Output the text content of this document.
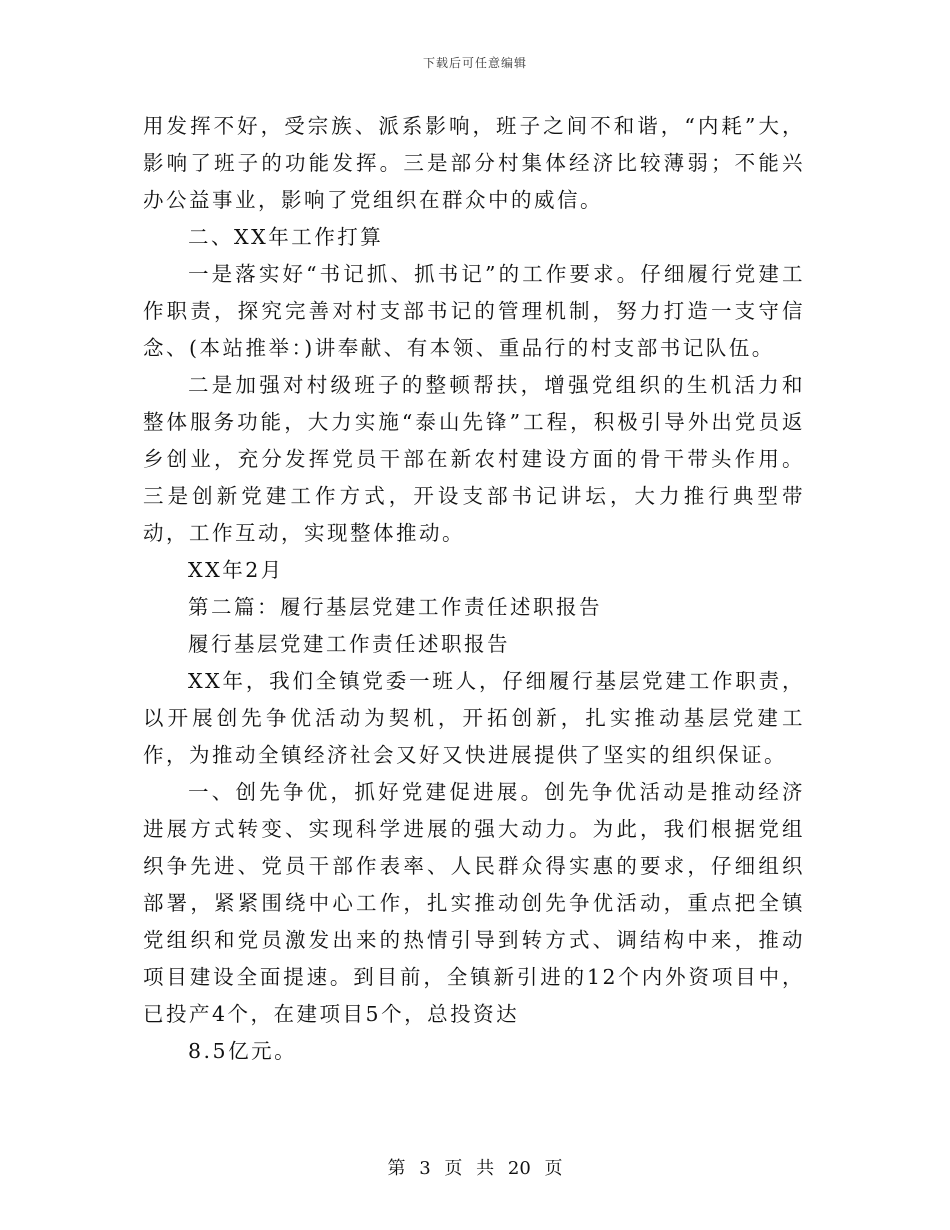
下载后可任意编辑

用发挥不好，受宗族、派系影响，班子之间不和谐，“内耗”大，影响了班子的功能发挥。三是部分村集体经济比较薄弱；不能兴办公益事业，影响了党组织在群众中的威信。

二、XX年工作打算

一是落实好“书记抓、抓书记”的工作要求。仔细履行党建工作职责，探究完善对村支部书记的管理机制，努力打造一支守信念、(本站推举：)讲奉献、有本领、重品行的村支部书记队伍。

二是加强对村级班子的整顿帮扶，增强党组织的生机活力和整体服务功能，大力实施“泰山先锋”工程，积极引导外出党员返乡创业，充分发挥党员干部在新农村建设方面的骨干带头作用。三是创新党建工作方式，开设支部书记讲坛，大力推行典型带动，工作互动，实现整体推动。

XX年2月

第二篇：履行基层党建工作责任述职报告

履行基层党建工作责任述职报告

XX年，我们全镇党委一班人，仔细履行基层党建工作职责，以开展创先争优活动为契机，开拓创新，扎实推动基层党建工作，为推动全镇经济社会又好又快进展提供了坚实的组织保证。

一、创先争优，抓好党建促进展。创先争优活动是推动经济进展方式转变、实现科学进展的强大动力。为此，我们根据党组织争先进、党员干部作表率、人民群众得实惠的要求，仔细组织部署，紧紧围绕中心工作，扎实推动创先争优活动，重点把全镇党组织和党员激发出来的热情引导到转方式、调结构中来，推动项目建设全面提速。到目前，全镇新引进的12个内外资项目中，已投产4个，在建项目5个，总投资达

8.5亿元。

第 3 页 共 20 页
